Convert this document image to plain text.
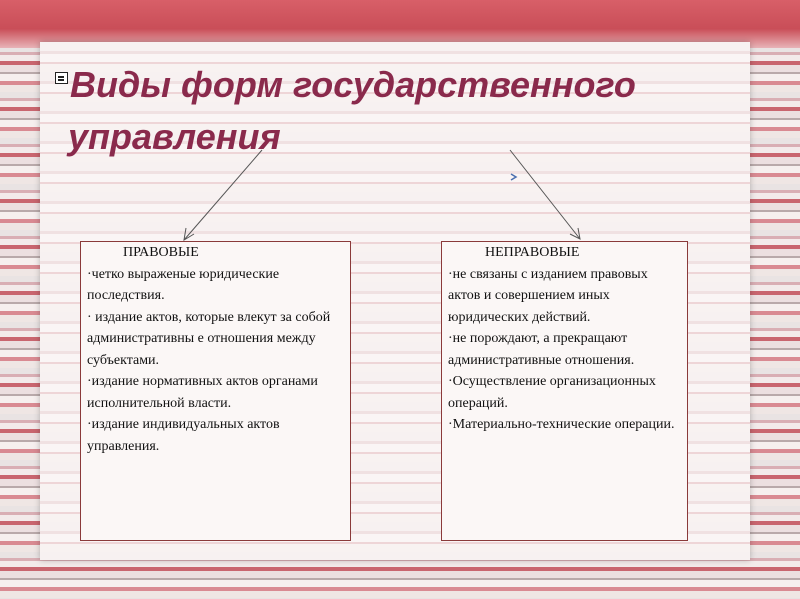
Виды форм государственного
управления
ПРАВОВЫЕ
·четко выраженые юридические последствия.
· издание актов, которые влекут за собой административны е отношения между субъектами.
·издание нормативных актов органами исполнительной власти.
·издание индивидуальных актов управления.
НЕПРАВОВЫЕ
·не связаны с изданием правовых актов и совершением иных юридических действий.
·не порождают, а прекращают административные отношения.
·Осуществление организационных операций.
·Материально-технические операции.
